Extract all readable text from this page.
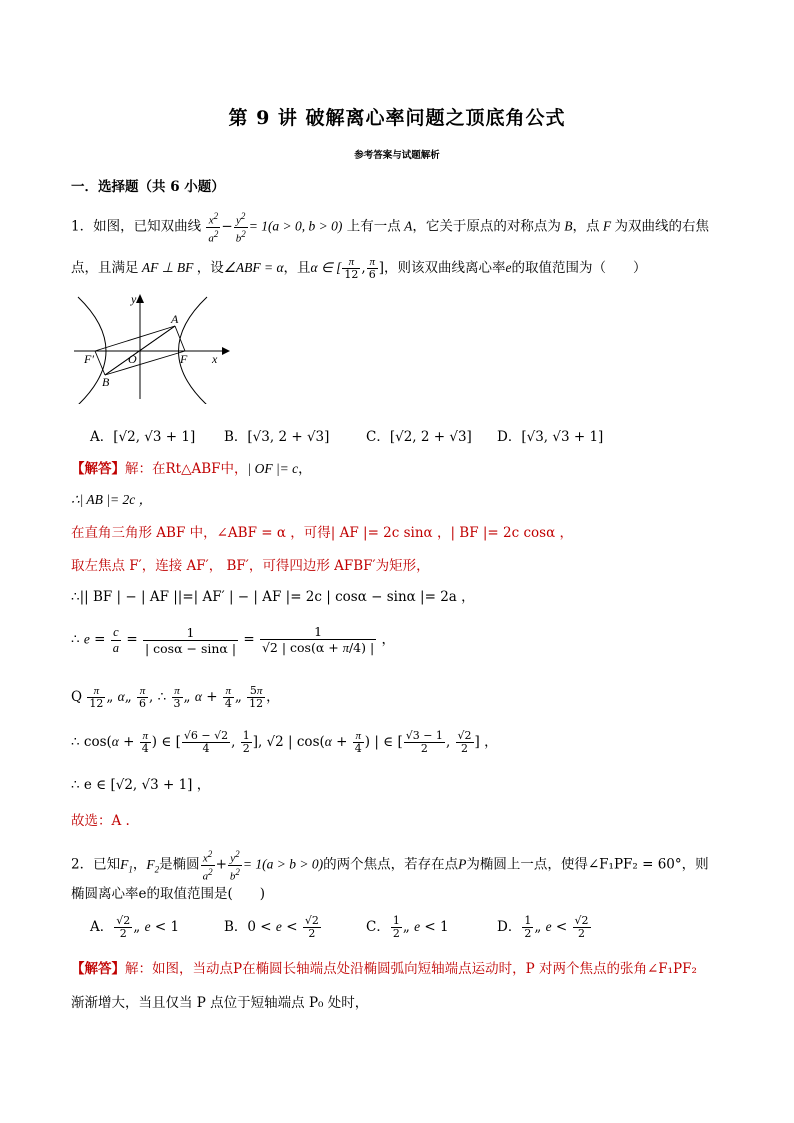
第 9 讲 破解离心率问题之顶底角公式
参考答案与试题解析
一．选择题（共 6 小题）
1．如图，已知双曲线 $\frac{x^2}{a^2} - \frac{y^2}{b^2} = 1(a > 0$, b > 0) 上有一点 A，它关于原点的对称点为 B，点 F 为双曲线的右焦
点，且满足 AF ⊥ BF ，设∠ABF = α，且α ∈ [ $\frac{\pi}{12}$ , $\frac{\pi}{6}$ ]，则该双曲线离心率e的取值范围为（　　）
y
A
F′	O	F x
B
A．[√2, √3 + 1] B．[√3, 2 + √3]	C．[√2, 2 + √3] D．[√3, √3 + 1]
【解答】解：在Rt△ABF中，| OF |= c，
∴| AB |= 2c ，
在直角三角形 ABF 中，∠ABF = α ，可得| AF |= 2c sinα ，| BF |= 2c cosα ，
取左焦点 F′，连接 AF′， BF′，可得四边形 AFBF′为矩形，
∴|| BF | − | AF ||=| AF′ | − | AF |= 2c | cosα − sinα |= 2a ，
∴ $e = \frac{c}{a} = \frac{1}{| \cos\alpha - \sin\alpha |} = \frac{1}{√2 | \cos(\alpha + \pi/4) |}$ ，
Q $\frac{\pi}{12}$ „ α„ $\frac{\pi}{6}$ , ∴ $\frac{\pi}{3}$ „ $\alpha + \frac{\pi}{4}$ „ $\frac{5\pi}{12}$ ，
∴ $\cos(\alpha + \frac{\pi}{4}$ ) ∈ [ $\frac{√6 - √2}{4}$ , $\frac{1}{2}$ ], √2 | $\cos(\alpha + \frac{\pi}{4}$ ) | ∈ [ $\frac{√3 - 1}{2}$ , $\frac{√2}{2}$ ] ，
∴ e ∈ [√2, √3 + 1] ，
故选：A .
2．已知$F_1$，$F_2$是椭圆 $\frac{x^2}{a^2} + \frac{y^2}{b^2} = 1(a > b > 0)$的两个焦点，若存在点P为椭圆上一点，使得∠F₁PF₂ = 60°，则
椭圆离心率e的取值范围是(　　)
A． $\frac{√2}{2}$ „ e < 1	B．$0 < e < \frac{√2}{2}$	C． $\frac{1}{2}$ „ e < 1	D． $\frac{1}{2}$ „ $e < \frac{√2}{2}$
【解答】解：如图，当动点P在椭圆长轴端点处沿椭圆弧向短轴端点运动时，P 对两个焦点的张角∠F₁PF₂
渐渐增大，当且仅当 P 点位于短轴端点 P₀ 处时，
